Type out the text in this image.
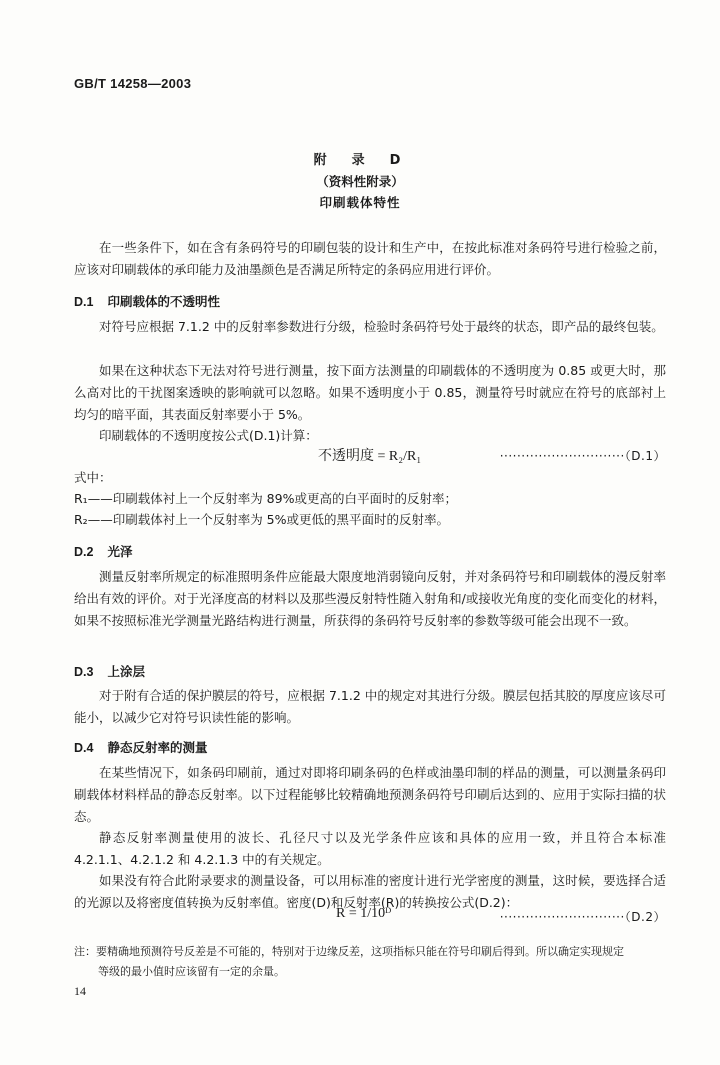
GB/T 14258—2003
附　录　D
（资料性附录）
印刷载体特性

在一些条件下，如在含有条码符号的印刷包装的设计和生产中，在按此标准对条码符号进行检验之前，应该对印刷载体的承印能力及油墨颜色是否满足所特定的条码应用进行评价。

D.1 印刷载体的不透明性

对符号应根据 7.1.2 中的反射率参数进行分级，检验时条码符号处于最终的状态，即产品的最终包装。

如果在这种状态下无法对符号进行测量，按下面方法测量的印刷载体的不透明度为 0.85 或更大时，那么高对比的干扰图案透映的影响就可以忽略。如果不透明度小于 0.85，测量符号时就应在符号的底部衬上均匀的暗平面，其表面反射率要小于 5%。

印刷载体的不透明度按公式(D.1)计算：
不透明度 = R₂/R₁	·····························（D.1）
式中：
R₁——印刷载体衬上一个反射率为 89%或更高的白平面时的反射率；
R₂——印刷载体衬上一个反射率为 5%或更低的黑平面时的反射率。
D.2 光泽

测量反射率所规定的标准照明条件应能最大限度地消弱镜向反射，并对条码符号和印刷载体的漫反射率给出有效的评价。对于光泽度高的材料以及那些漫反射特性随入射角和/或接收光角度的变化而变化的材料，如果不按照标准光学测量光路结构进行测量，所获得的条码符号反射率的参数等级可能会出现不一致。

D.3 上涂层

对于附有合适的保护膜层的符号，应根据 7.1.2 中的规定对其进行分级。膜层包括其胶的厚度应该尽可能小，以减少它对符号识读性能的影响。

D.4 静态反射率的测量

在某些情况下，如条码印刷前，通过对即将印刷条码的色样或油墨印制的样品的测量，可以测量条码印刷载体材料样品的静态反射率。以下过程能够比较精确地预测条码符号印刷后达到的、应用于实际扫描的状态。

静态反射率测量使用的波长、孔径尺寸以及光学条件应该和具体的应用一致，并且符合本标准 4.2.1.1、4.2.1.2 和 4.2.1.3 中的有关规定。

如果没有符合此附录要求的测量设备，可以用标准的密度计进行光学密度的测量，这时候，要选择合适的光源以及将密度值转换为反射率值。密度(D)和反射率(R)的转换按公式(D.2)：

R = 1/10ᴰ	·····························（D.2）
注：要精确地预测符号反差是不可能的，特别对于边缘反差，这项指标只能在符号印刷后得到。所以确定实现规定
等级的最小值时应该留有一定的余量。
14
